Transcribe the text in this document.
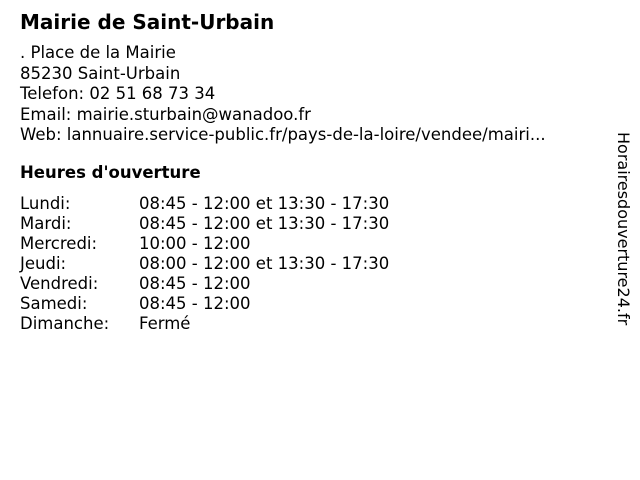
Mairie de Saint-Urbain
. Place de la Mairie
85230 Saint-Urbain
Telefon: 02 51 68 73 34
Email: mairie.sturbain@wanadoo.fr
Web: lannuaire.service-public.fr/pays-de-la-loire/vendee/mairi...
Heures d'ouverture
Lundi:	08:45 - 12:00 et 13:30 - 17:30
Mardi:	08:45 - 12:00 et 13:30 - 17:30
Mercredi:	10:00 - 12:00
Jeudi:	08:00 - 12:00 et 13:30 - 17:30
Vendredi: 08:45 - 12:00
Samedi:	08:45 - 12:00
Dimanche: Fermé	Horairesdouverture24.fr
